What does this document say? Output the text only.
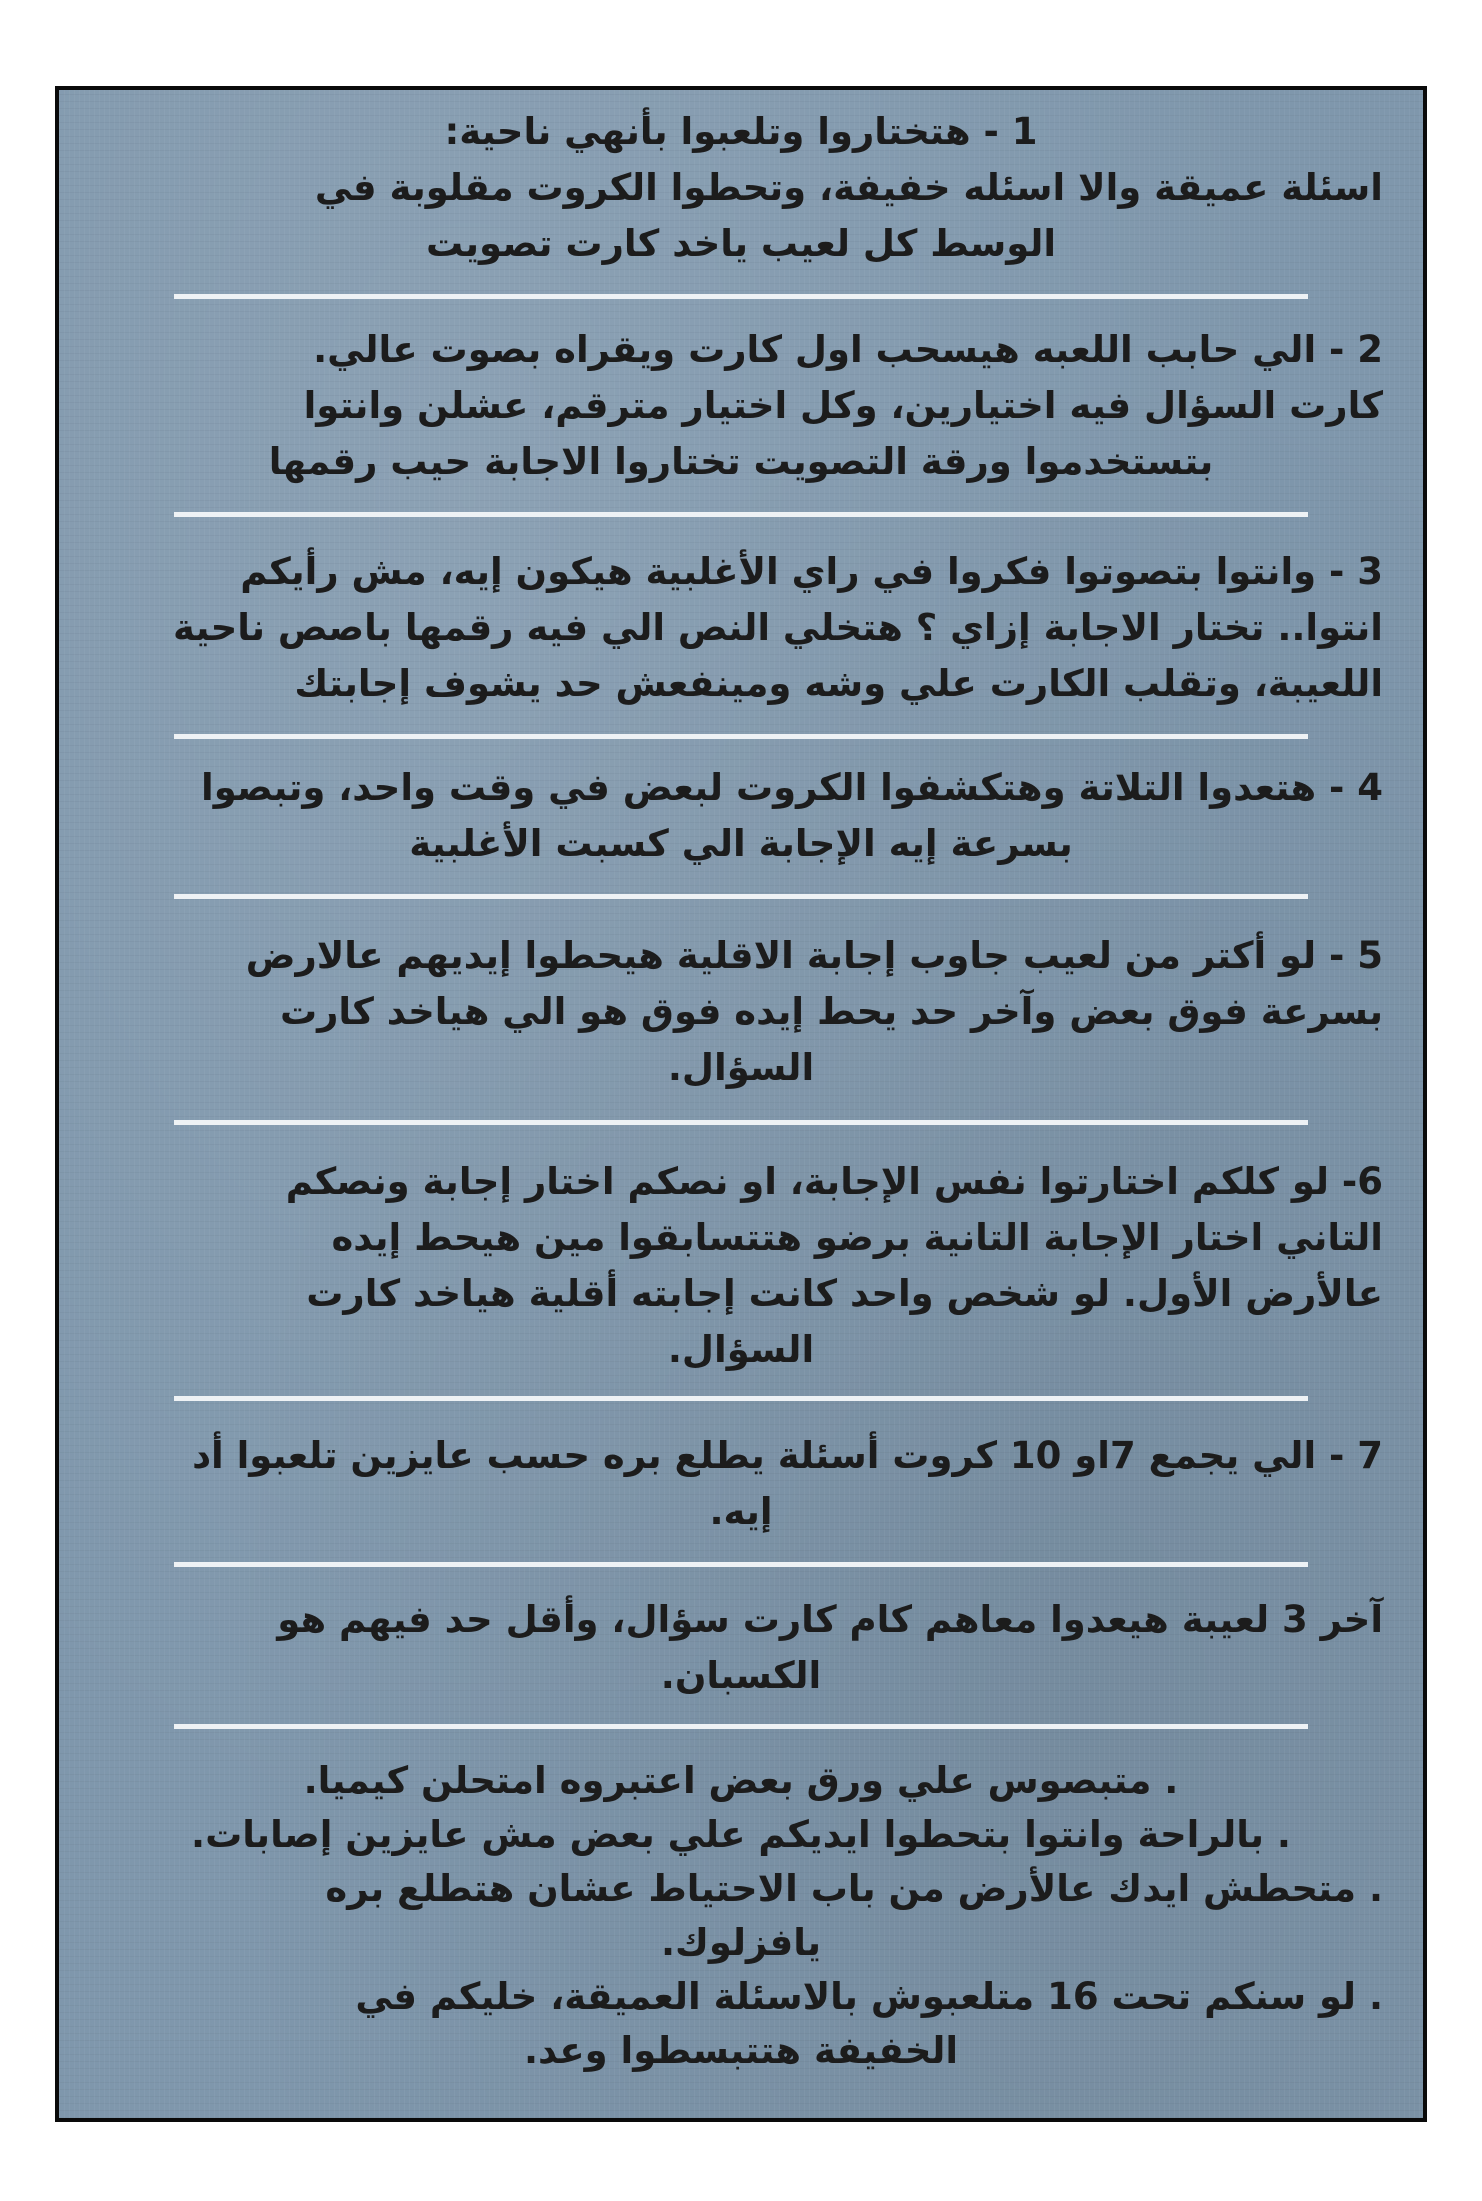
1 - هتختاروا وتلعبوا بأنهي ناحية:
اسئلة عميقة والا اسئله خفيفة، وتحطوا الكروت مقلوبة في
الوسط كل لعيب ياخد كارت تصويت
2 - الي حابب اللعبه هيسحب اول كارت ويقراه بصوت عالي.
كارت السؤال فيه اختيارين، وكل اختيار مترقم، عشلن وانتوا
بتستخدموا ورقة التصويت تختاروا الاجابة حيب رقمها
3 - وانتوا بتصوتوا فكروا في راي الأغلبية هيكون إيه، مش رأيكم
انتوا.. تختار الاجابة إزاي ؟ هتخلي النص الي فيه رقمها باصص ناحية
اللعيبة، وتقلب الكارت علي وشه ومينفعش حد يشوف إجابتك
4 - هتعدوا التلاتة وهتكشفوا الكروت لبعض في وقت واحد، وتبصوا
بسرعة إيه الإجابة الي كسبت الأغلبية
5 - لو أكتر من لعيب جاوب إجابة الاقلية هيحطوا إيديهم عالارض
بسرعة فوق بعض وآخر حد يحط إيده فوق هو الي هياخد كارت
السؤال.
6- لو كلكم اختارتوا نفس الإجابة، او نصكم اختار إجابة ونصكم
التاني اختار الإجابة التانية برضو هتتسابقوا مين هيحط إيده
عالأرض الأول. لو شخص واحد كانت إجابته أقلية هياخد كارت
السؤال.
7 - الي يجمع 7او 10 كروت أسئلة يطلع بره حسب عايزين تلعبوا أد
إيه.
آخر 3 لعيبة هيعدوا معاهم كام كارت سؤال، وأقل حد فيهم هو
الكسبان.
. متبصوس علي ورق بعض اعتبروه امتحلن كيميا.
. بالراحة وانتوا بتحطوا ايديكم علي بعض مش عايزين إصابات.
. متحطش ايدك عالأرض من باب الاحتياط عشان هتطلع بره
يافزلوك.
. لو سنكم تحت 16 متلعبوش بالاسئلة العميقة، خليكم في
الخفيفة هتتبسطوا وعد.
